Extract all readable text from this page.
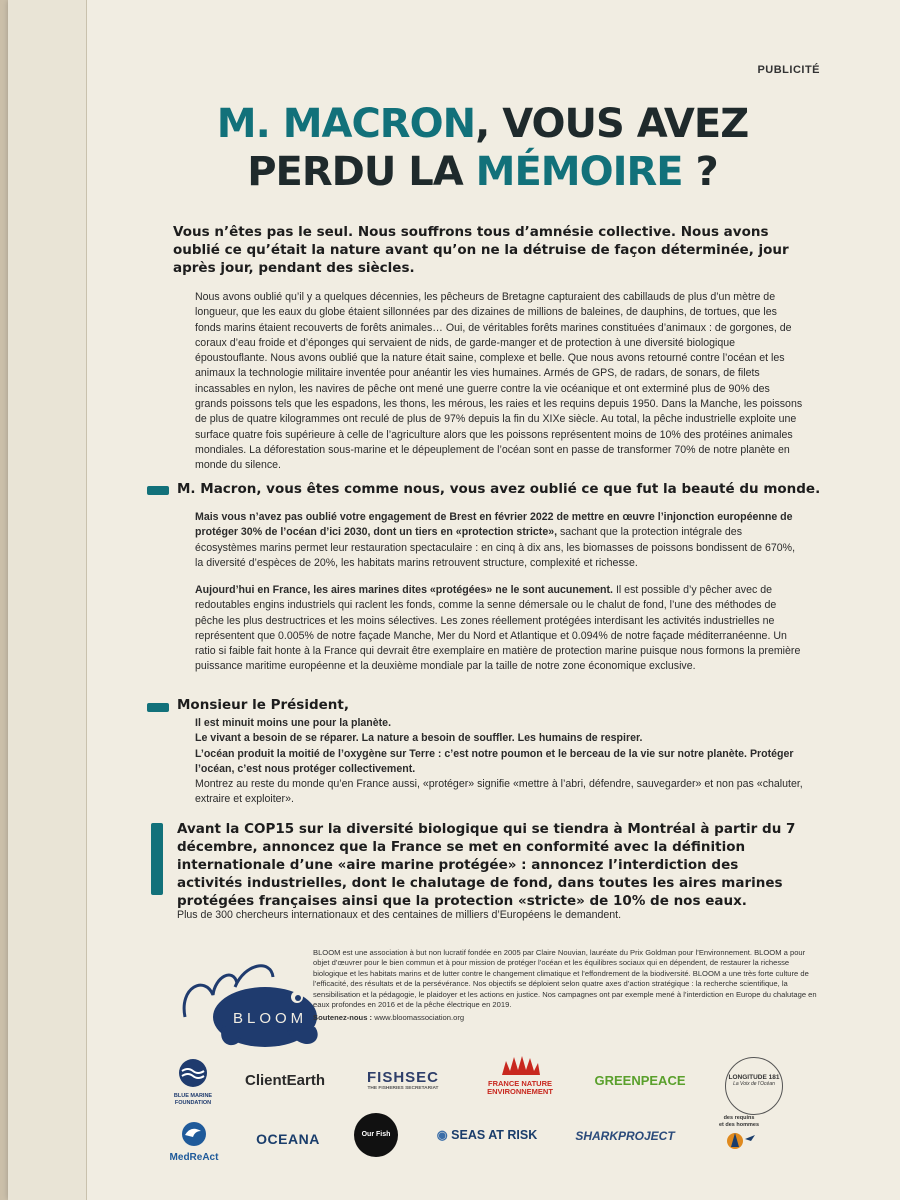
PUBLICITÉ
M. MACRON, VOUS AVEZ
PERDU LA MÉMOIRE ?
Vous n’êtes pas le seul. Nous souffrons tous d’amnésie collective. Nous avons oublié ce qu’était la nature avant qu’on ne la détruise de façon déterminée, jour après jour, pendant des siècles.
Nous avons oublié qu’il y a quelques décennies, les pêcheurs de Bretagne capturaient des cabillauds de plus d’un mètre de longueur, que les eaux du globe étaient sillonnées par des dizaines de millions de baleines, de dauphins, de tortues, que les fonds marins étaient recouverts de forêts animales… Oui, de véritables forêts marines constituées d’animaux : de gorgones, de coraux d’eau froide et d’éponges qui servaient de nids, de garde-manger et de protection à une diversité biologique époustouflante. Nous avons oublié que la nature était saine, complexe et belle. Que nous avons retourné contre l’océan et les animaux la technologie militaire inventée pour anéantir les vies humaines. Armés de GPS, de radars, de sonars, de filets incassables en nylon, les navires de pêche ont mené une guerre contre la vie océanique et ont exterminé plus de 90% des grands poissons tels que les espadons, les thons, les mérous, les raies et les requins depuis 1950. Dans la Manche, les poissons de plus de quatre kilogrammes ont reculé de plus de 97% depuis la fin du XIXe siècle. Au total, la pêche industrielle exploite une surface quatre fois supérieure à celle de l’agriculture alors que les poissons représentent moins de 10% des protéines animales mondiales. La déforestation sous-marine et le dépeuplement de l’océan sont en passe de transformer 70% de notre planète en monde du silence.
M. Macron, vous êtes comme nous, vous avez oublié ce que fut la beauté du monde.
Mais vous n’avez pas oublié votre engagement de Brest en février 2022 de mettre en œuvre l’injonction européenne de protéger 30% de l’océan d’ici 2030, dont un tiers en «protection stricte», sachant que la protection intégrale des écosystèmes marins permet leur restauration spectaculaire : en cinq à dix ans, les biomasses de poissons bondissent de 670%, la diversité d’espèces de 20%, les habitats marins retrouvent structure, complexité et richesse.
Aujourd’hui en France, les aires marines dites «protégées» ne le sont aucunement. Il est possible d’y pêcher avec de redoutables engins industriels qui raclent les fonds, comme la senne démersale ou le chalut de fond, l’une des méthodes de pêche les plus destructrices et les moins sélectives. Les zones réellement protégées interdisant les activités industrielles ne représentent que 0.005% de notre façade Manche, Mer du Nord et Atlantique et 0.094% de notre façade méditerranéenne. Un ratio si faible fait honte à la France qui devrait être exemplaire en matière de protection marine puisque nous formons la première puissance maritime européenne et la deuxième mondiale par la taille de notre zone économique exclusive.
Monsieur le Président,
Il est minuit moins une pour la planète.
Le vivant a besoin de se réparer. La nature a besoin de souffler. Les humains de respirer.
L’océan produit la moitié de l’oxygène sur Terre : c’est notre poumon et le berceau de la vie sur notre planète. Protéger l’océan, c’est nous protéger collectivement.
Montrez au reste du monde qu’en France aussi, «protéger» signifie «mettre à l’abri, défendre, sauvegarder» et non pas «chaluter, extraire et exploiter».
Avant la COP15 sur la diversité biologique qui se tiendra à Montréal à partir du 7 décembre, annoncez que la France se met en conformité avec la définition internationale d’une «aire marine protégée» : annoncez l’interdiction des activités industrielles, dont le chalutage de fond, dans toutes les aires marines protégées françaises ainsi que la protection «stricte» de 10% de nos eaux.
Plus de 300 chercheurs internationaux et des centaines de milliers d’Européens le demandent.
BLOOM
BLOOM est une association à but non lucratif fondée en 2005 par Claire Nouvian, lauréate du Prix Goldman pour l’Environnement. BLOOM a pour objet d’œuvrer pour le bien commun et à pour mission de protéger l’océan et les équilibres sociaux qui en dépendent, de restaurer la richesse biologique et les habitats marins et de lutter contre le changement climatique et l’effondrement de la biodiversité. BLOOM a une très forte culture de l’efficacité, des résultats et de la persévérance. Nos objectifs se déploient selon quatre axes d’action stratégique : la recherche scientifique, la sensibilisation et la pédagogie, le plaidoyer et les actions en justice. Nos campagnes ont par exemple mené à l’interdiction en Europe du chalutage en eaux profondes en 2016 et de la pêche électrique en 2019.
Soutenez-nous : www.bloomassociation.org
BLUE MARINE FOUNDATION
ClientEarth	FISHSEC
THE FISHERIES SECRETARIAT
FRANCE NATURE
ENVIRONNEMENT
GREENPEACE	LONGITUDE 181
La Voix de l’Océan
MedReAct
OCEANA	Our Fish	◉ SEAS AT RISK	SHARKPROJECT
des requins
et des hommes
